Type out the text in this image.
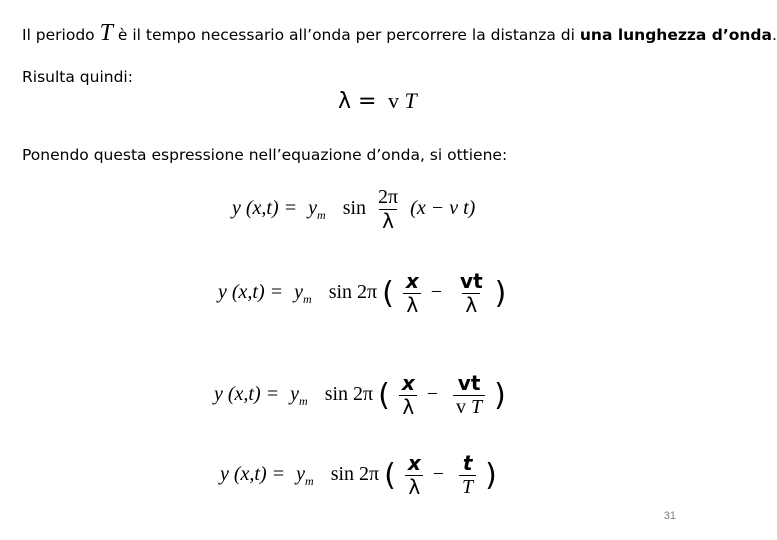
Il periodo T è il tempo necessario all’onda per percorrere la distanza di una lunghezza d’onda.
Risulta quindi:
λ = v T
Ponendo questa espressione nell’equazione d’onda, si ottiene:
y $(x,t) = y_m$ $\sin \frac{2\pi}{\lambda} (x - v$ t)
y $(x,t) = y_m$ sin 2π ( $\frac{x}{\lambda} - \frac{vt}{\lambda}$ )
y $(x,t) = y_m$ sin 2π ( $\frac{x}{\lambda} - \frac{vt}{\text{v T}}$ )
y $(x,t) = y_m$ sin 2π ( $\frac{x}{\lambda} - \frac{t}{T}$ )
31
